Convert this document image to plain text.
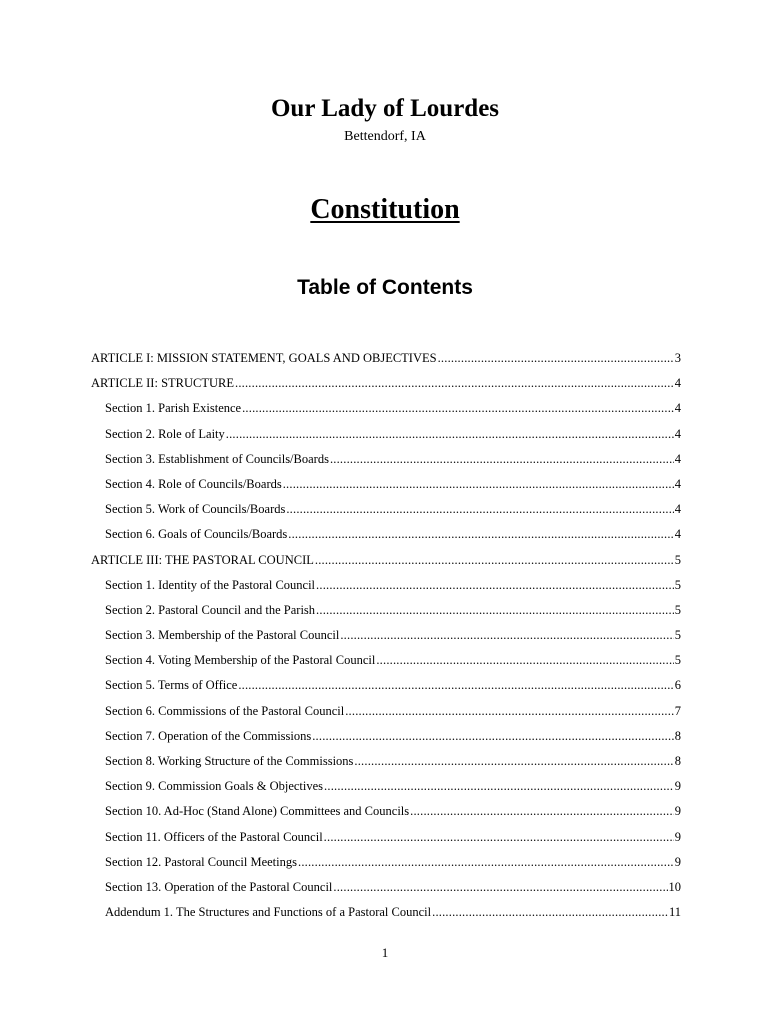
Our Lady of Lourdes
Bettendorf, IA
Constitution
Table of Contents
ARTICLE I: MISSION STATEMENT, GOALS AND OBJECTIVES .....	3
ARTICLE II: STRUCTURE .....	4
Section 1. Parish Existence .....	4
Section 2. Role of Laity .....	4
Section 3. Establishment of Councils/Boards .....	4
Section 4. Role of Councils/Boards .....	4
Section 5. Work of Councils/Boards .....	4
Section 6. Goals of Councils/Boards .....	4
ARTICLE III: THE PASTORAL COUNCIL .....	5
Section 1. Identity of the Pastoral Council .....	5
Section 2. Pastoral Council and the Parish .....	5
Section 3. Membership of the Pastoral Council .....	5
Section 4. Voting Membership of the Pastoral Council .....	5
Section 5. Terms of Office .....	6
Section 6. Commissions of the Pastoral Council .....	7
Section 7. Operation of the Commissions .....	8
Section 8. Working Structure of the Commissions .....	8
Section 9. Commission Goals & Objectives .....	9
Section 10. Ad-Hoc (Stand Alone) Committees and Councils .....	9
Section 11. Officers of the Pastoral Council .....	9
Section 12. Pastoral Council Meetings .....	9
Section 13. Operation of the Pastoral Council .....	10
Addendum 1. The Structures and Functions of a Pastoral Council .....	11
1
